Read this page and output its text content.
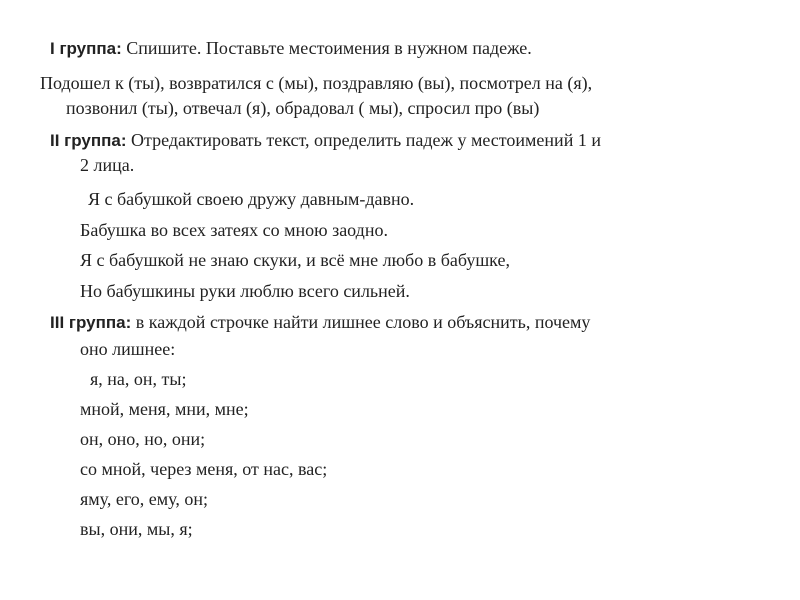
I группа: Спишите. Поставьте местоимения в нужном падеже.
Подошел к (ты), возвратился с (мы), поздравляю (вы), посмотрел на (я),
позвонил (ты), отвечал (я), обрадовал ( мы), спросил про (вы)
II группа: Отредактировать текст, определить падеж у местоимений 1 и
2 лица.
Я с бабушкой своею дружу давным-давно.
Бабушка во всех затеях со мною заодно.
Я с бабушкой не знаю скуки, и всё мне любо в бабушке,
Но бабушкины руки люблю всего сильней.
III группа: в каждой строчке найти лишнее слово и объяснить, почему
оно лишнее:
я, на, он, ты;
мной, меня, мни, мне;
он, оно, но, они;
со мной, через меня, от нас, вас;
яму, его, ему, он;
вы, они, мы, я;
